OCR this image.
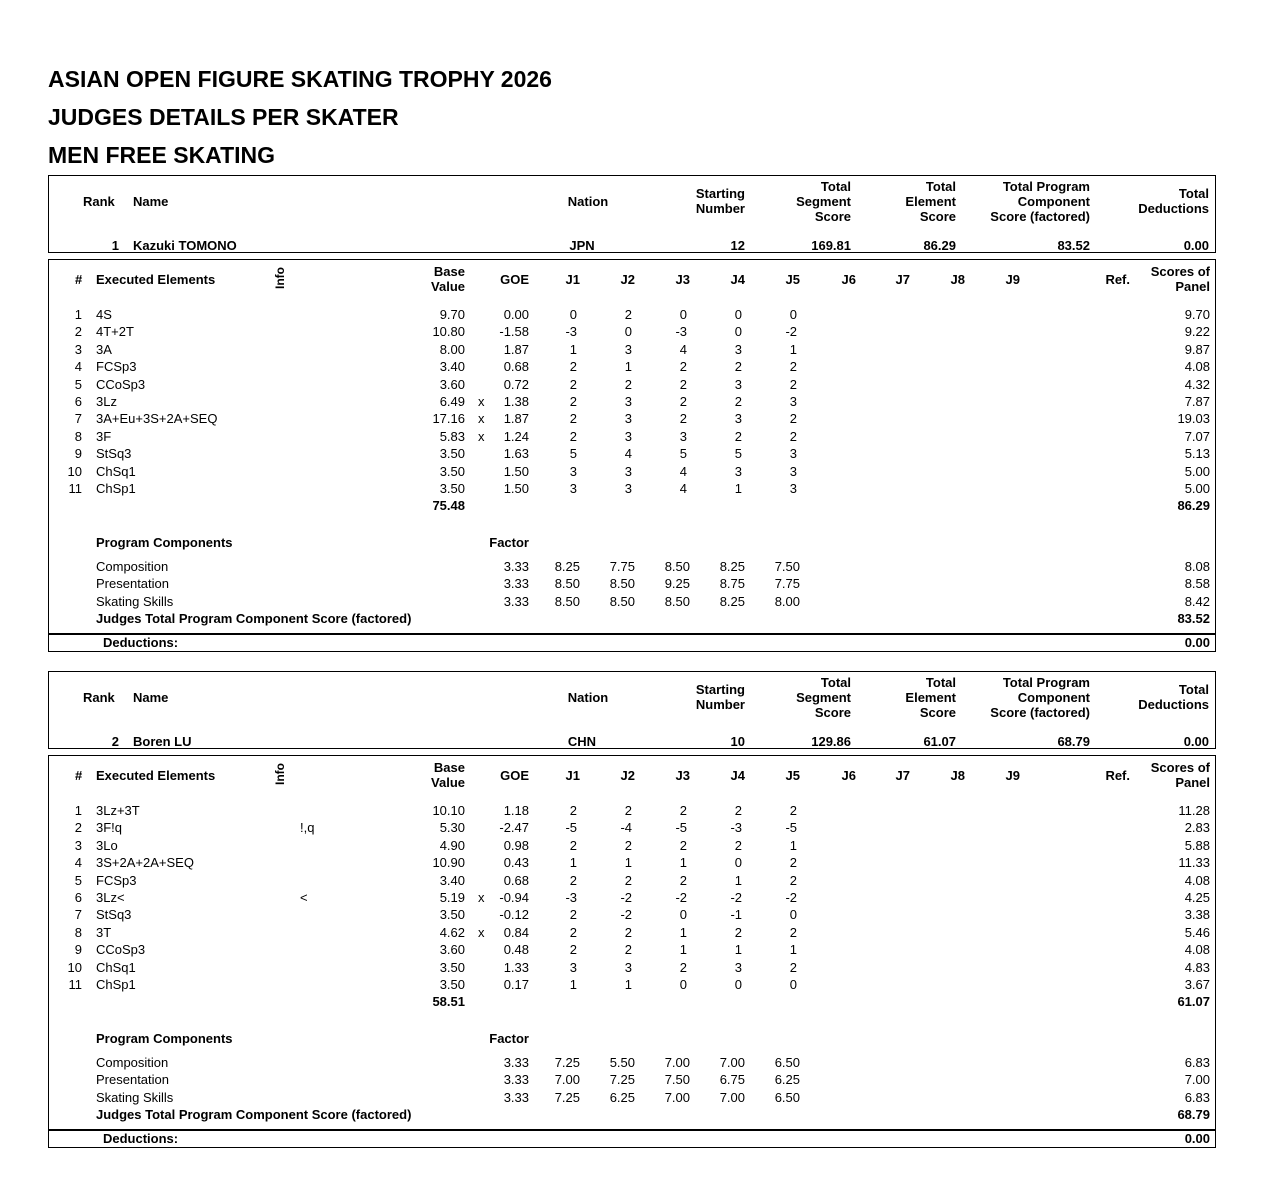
ASIAN OPEN FIGURE SKATING TROPHY 2026
JUDGES DETAILS PER SKATER
MEN FREE SKATING
Rank Name	Nation
Starting
Number
Total
Segment
Score
Total
Element
Score
Total Program
Component
Score (factored)
Total
Deductions
1 Kazuki TOMONO	JPN	12	169.81	86.29	83.52	0.00
# Executed Elements	Info	Base
Value	GOE	J1	J2	J3	J4	J5	J6	J7	J8	J9	Ref.
Scores of
Panel
1 4S	9.70	0.00	0	2	0	0	0	9.70
2 4T+2T	10.80	-1.58	-3	0	-3	0	-2	9.22
3 3A	8.00	1.87	1	3	4	3	1	9.87
4 FCSp3	3.40	0.68	2	1	2	2	2	4.08
5 CCoSp3	3.60	0.72	2	2	2	3	2	4.32
6 3Lz	6.49 x 1.38	2	3	2	2	3	7.87
7 3A+Eu+3S+2A+SEQ	17.16 x 1.87	2	3	2	3	2	19.03
8 3F	5.83 x 1.24	2	3	3	2	2	7.07
9 StSq3	3.50	1.63	5	4	5	5	3	5.13
10 ChSq1	3.50	1.50	3	3	4	3	3	5.00
11 ChSp1	3.50	1.50	3	3	4	1	3	5.00
75.48	86.29
Program Components	Factor
Composition	3.33 8.25 7.75 8.50 8.25 7.50	8.08
Presentation	3.33 8.50 8.50 9.25 8.75 7.75	8.58
Skating Skills	3.33 8.50 8.50 8.50 8.25 8.00	8.42
Judges Total Program Component Score (factored)	83.52
Deductions:	0.00
Rank Name	Nation
Starting
Number
Total
Segment
Score
Total
Element
Score
Total Program
Component
Score (factored)
Total
Deductions
2 Boren LU	CHN	10	129.86	61.07	68.79	0.00
# Executed Elements	Info	Base
Value	GOE	J1	J2	J3	J4	J5	J6	J7	J8	J9	Ref.
Scores of
Panel
1 3Lz+3T	10.10	1.18	2	2	2	2	2	11.28
2 3F!q	!,q	5.30	-2.47	-5	-4	-5	-3	-5	2.83
3 3Lo	4.90	0.98	2	2	2	2	1	5.88
4 3S+2A+2A+SEQ	10.90	0.43	1	1	1	0	2	11.33
5 FCSp3	3.40	0.68	2	2	2	1	2	4.08
6 3Lz<	<	5.19 x -0.94	-3	-2	-2	-2	-2	4.25
7 StSq3	3.50	-0.12	2	-2	0	-1	0	3.38
8 3T	4.62 x 0.84	2	2	1	2	2	5.46
9 CCoSp3	3.60	0.48	2	2	1	1	1	4.08
10 ChSq1	3.50	1.33	3	3	2	3	2	4.83
11 ChSp1	3.50	0.17	1	1	0	0	0	3.67
58.51	61.07
Program Components	Factor
Composition	3.33 7.25 5.50 7.00 7.00 6.50	6.83
Presentation	3.33 7.00 7.25 7.50 6.75 6.25	7.00
Skating Skills	3.33 7.25 6.25 7.00 7.00 6.50	6.83
Judges Total Program Component Score (factored)	68.79
Deductions:	0.00
